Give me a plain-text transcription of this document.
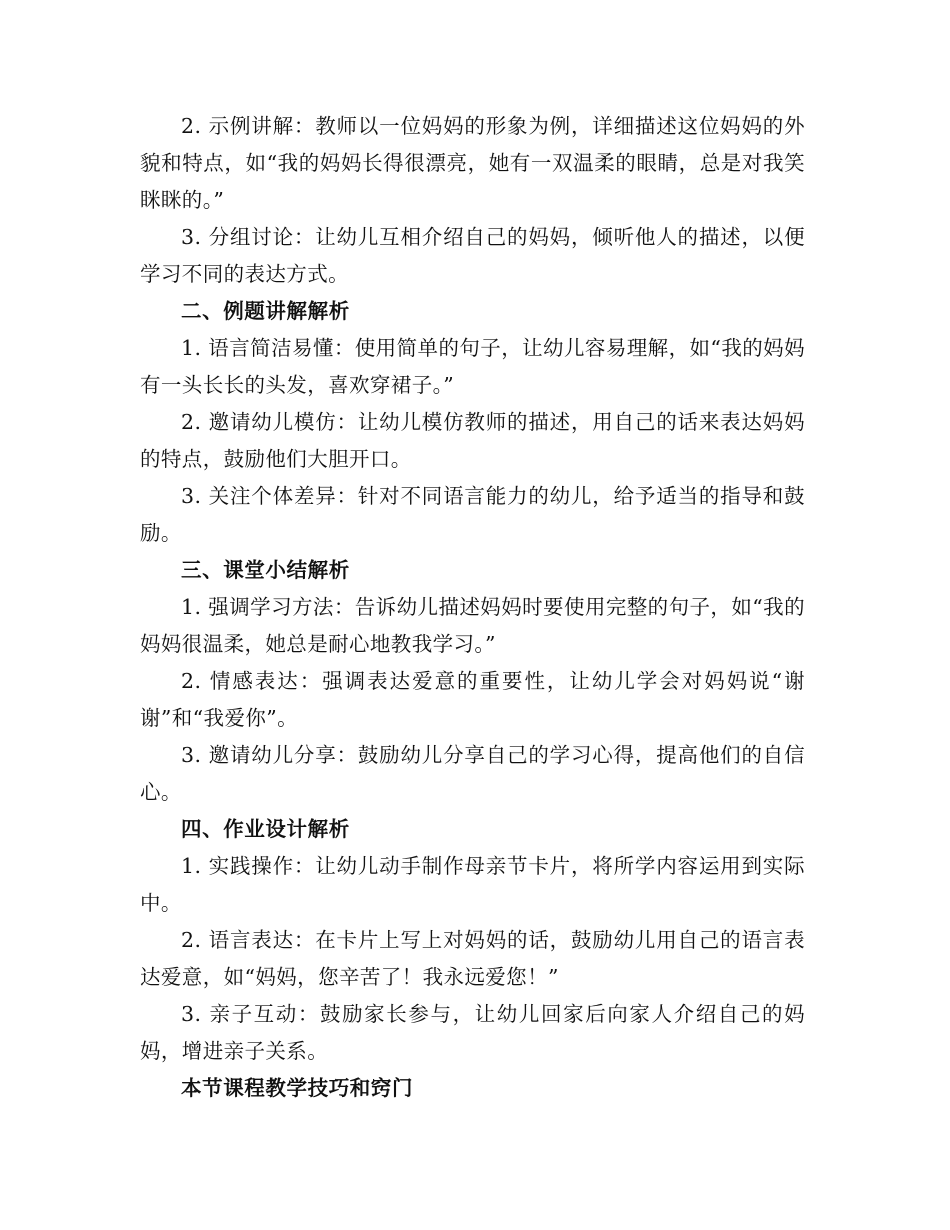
2. 示例讲解：教师以一位妈妈的形象为例，详细描述这位妈妈的外貌和特点，如“我的妈妈长得很漂亮，她有一双温柔的眼睛，总是对我笑眯眯的。”

3. 分组讨论：让幼儿互相介绍自己的妈妈，倾听他人的描述，以便学习不同的表达方式。

二、例题讲解解析

1. 语言简洁易懂：使用简单的句子，让幼儿容易理解，如“我的妈妈有一头长长的头发，喜欢穿裙子。”

2. 邀请幼儿模仿：让幼儿模仿教师的描述，用自己的话来表达妈妈的特点，鼓励他们大胆开口。

3. 关注个体差异：针对不同语言能力的幼儿，给予适当的指导和鼓励。

三、课堂小结解析

1. 强调学习方法：告诉幼儿描述妈妈时要使用完整的句子，如“我的妈妈很温柔，她总是耐心地教我学习。”

2. 情感表达：强调表达爱意的重要性，让幼儿学会对妈妈说“谢谢”和“我爱你”。

3. 邀请幼儿分享：鼓励幼儿分享自己的学习心得，提高他们的自信心。

四、作业设计解析

1. 实践操作：让幼儿动手制作母亲节卡片，将所学内容运用到实际中。

2. 语言表达：在卡片上写上对妈妈的话，鼓励幼儿用自己的语言表达爱意，如“妈妈，您辛苦了！我永远爱您！”

3. 亲子互动：鼓励家长参与，让幼儿回家后向家人介绍自己的妈妈，增进亲子关系。

本节课程教学技巧和窍门
